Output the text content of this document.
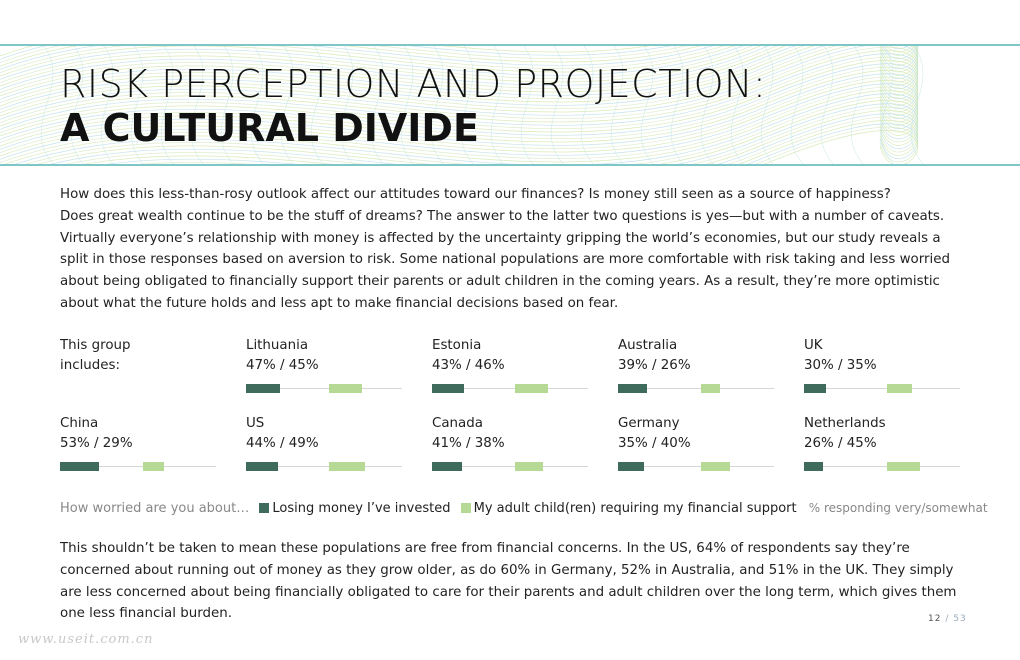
RISK PERCEPTION AND PROJECTION:
A CULTURAL DIVIDE

How does this less-than-rosy outlook affect our attitudes toward our finances? Is money still seen as a source of happiness?

Does great wealth continue to be the stuff of dreams? The answer to the latter two questions is yes—but with a number of caveats. Virtually everyone’s relationship with money is affected by the uncertainty gripping the world’s economies, but our study reveals a split in those responses based on aversion to risk. Some national populations are more comfortable with risk taking and less worried about being obligated to financially support their parents or adult children in the coming years. As a result, they’re more optimistic about what the future holds and less apt to make financial decisions based on fear.

This group
includes:
Lithuania
47% / 45%
Estonia
43% / 46%
Australia
39% / 26%
UK
30% / 35%
China
53% / 29%
US
44% / 49%
Canada
41% / 38%
Germany
35% / 40%
Netherlands
26% / 45%
How worried are you about… Losing money I’ve invested My adult child(ren) requiring my financial support % responding very/somewhat

This shouldn’t be taken to mean these populations are free from financial concerns. In the US, 64% of respondents say they’re concerned about running out of money as they grow older, as do 60% in Germany, 52% in Australia, and 51% in the UK. They simply are less concerned about being financially obligated to care for their parents and adult children over the long term, which gives them one less financial burden.	12 / 53
www.useit.com.cn
